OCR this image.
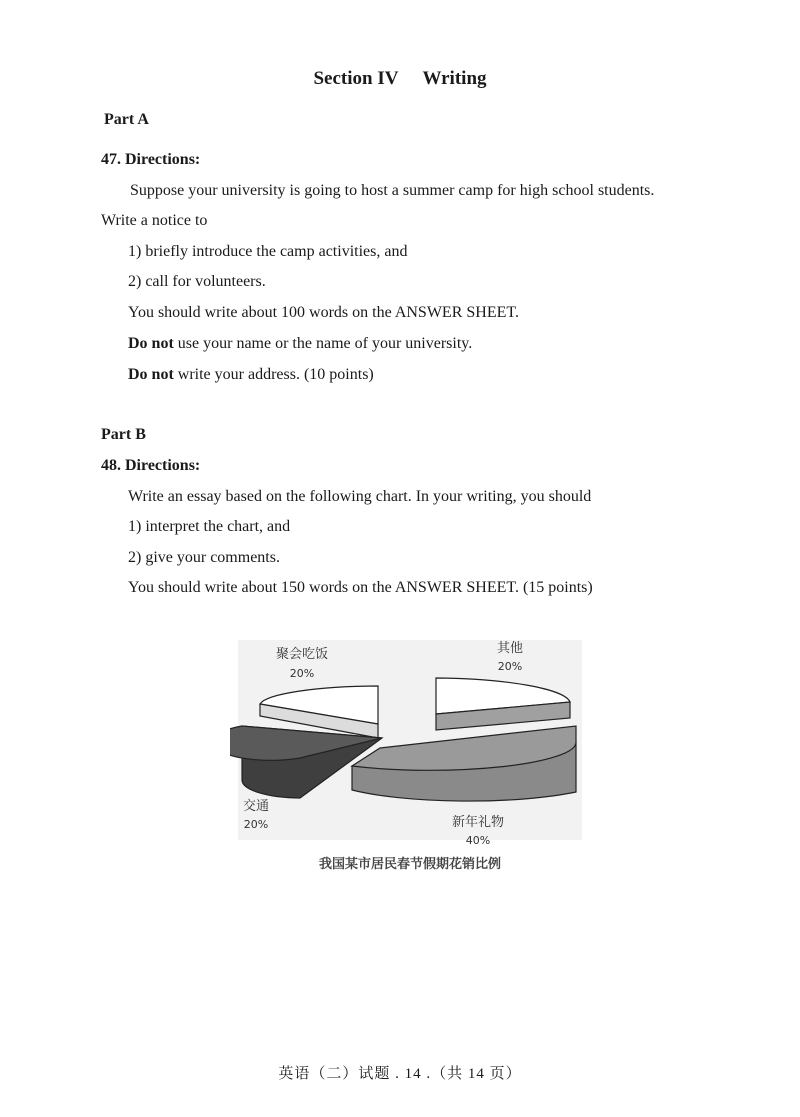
Section IV Writing
Part A
47. Directions:
Suppose your university is going to host a summer camp for high school students.
Write a notice to
1) briefly introduce the camp activities, and
2) call for volunteers.
You should write about 100 words on the ANSWER SHEET.
Do not use your name or the name of your university.
Do not write your address. (10 points)
Part B
48. Directions:
Write an essay based on the following chart. In your writing, you should
1) interpret the chart, and
2) give your comments.
You should write about 150 words on the ANSWER SHEET. (15 points)
聚会吃饭
20%
其他
20%
交通
20%	新年礼物
40%
我国某市居民春节假期花销比例
英语（二）试题 . 14 .（共 14 页）
